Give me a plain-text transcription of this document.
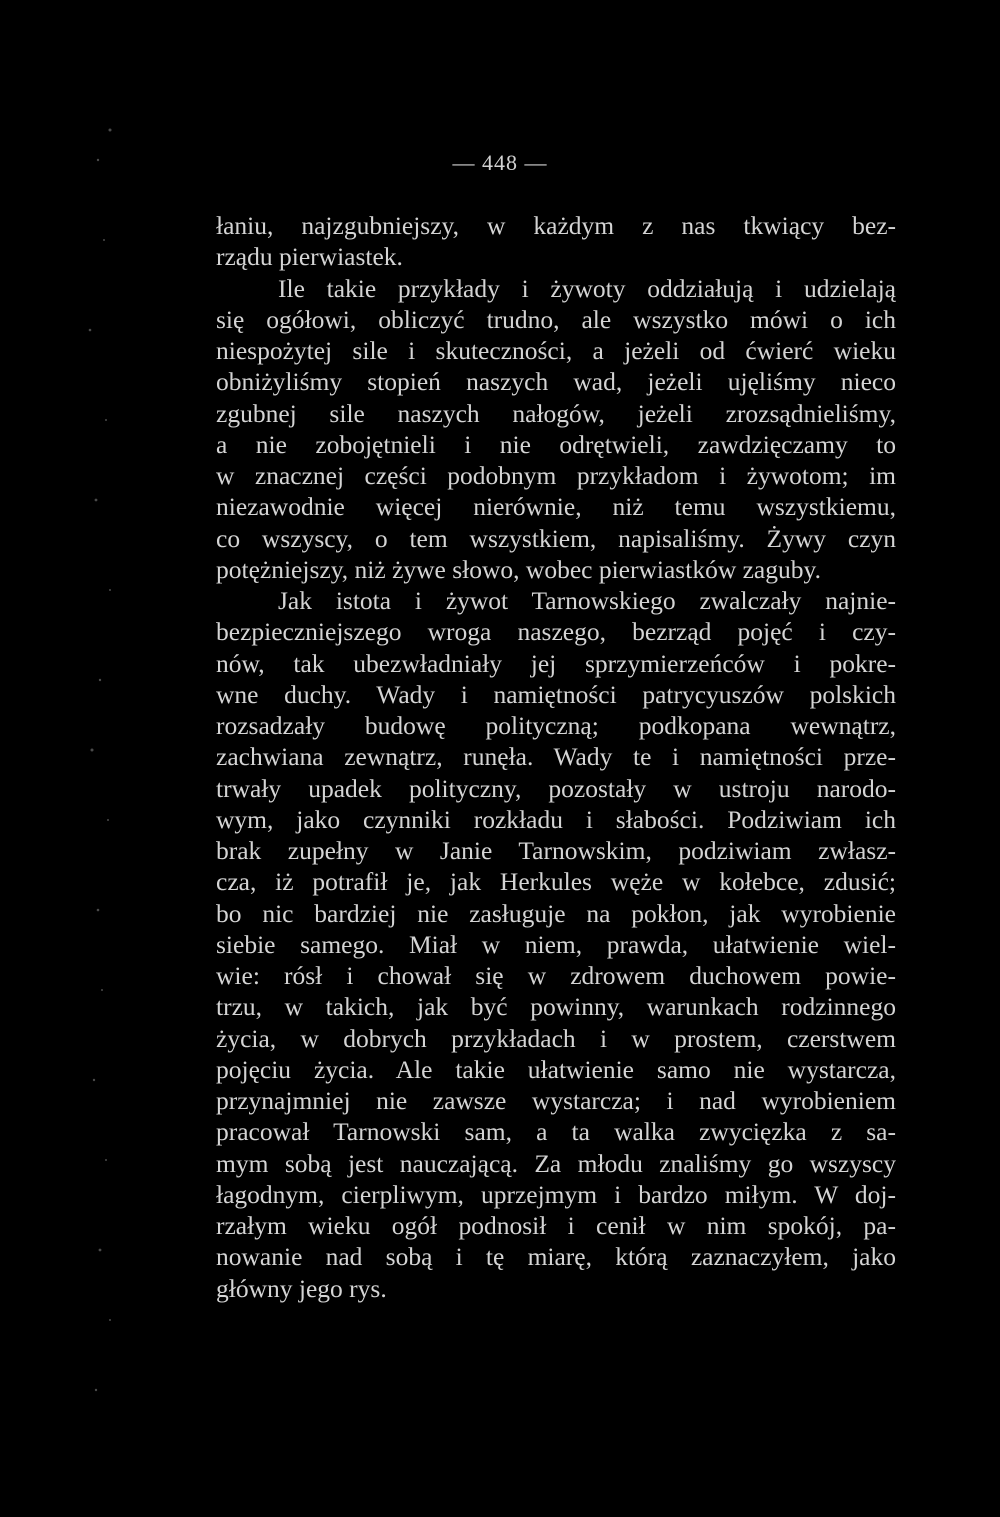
— 448 —
łaniu, najzgubniejszy, w każdym z nas tkwiący bez-
rządu pierwiastek.
Ile takie przykłady i żywoty oddziałują i udzielają
się ogółowi, obliczyć trudno, ale wszystko mówi o ich
niespożytej sile i skuteczności, a jeżeli od ćwierć wieku
obniżyliśmy stopień naszych wad, jeżeli ujęliśmy nieco
zgubnej sile naszych nałogów, jeżeli zrozsądnieliśmy,
a nie zobojętnieli i nie odrętwieli, zawdzięczamy to
w znacznej części podobnym przykładom i żywotom; im
niezawodnie więcej nierównie, niż temu wszystkiemu,
co wszyscy, o tem wszystkiem, napisaliśmy. Żywy czyn
potężniejszy, niż żywe słowo, wobec pierwiastków zaguby.
Jak istota i żywot Tarnowskiego zwalczały najnie-
bezpieczniejszego wroga naszego, bezrząd pojęć i czy-
nów, tak ubezwładniały jej sprzymierzeńców i pokre-
wne duchy. Wady i namiętności patrycyuszów polskich
rozsadzały budowę polityczną; podkopana wewnątrz,
zachwiana zewnątrz, runęła. Wady te i namiętności prze-
trwały upadek polityczny, pozostały w ustroju narodo-
wym, jako czynniki rozkładu i słabości. Podziwiam ich
brak zupełny w Janie Tarnowskim, podziwiam zwłasz-
cza, iż potrafił je, jak Herkules węże w kołebce, zdusić;
bo nic bardziej nie zasługuje na pokłon, jak wyrobienie
siebie samego. Miał w niem, prawda, ułatwienie wiel-
wie: rósł i chował się w zdrowem duchowem powie-
trzu, w takich, jak być powinny, warunkach rodzinnego
życia, w dobrych przykładach i w prostem, czerstwem
pojęciu życia. Ale takie ułatwienie samo nie wystarcza,
przynajmniej nie zawsze wystarcza; i nad wyrobieniem
pracował Tarnowski sam, a ta walka zwycięzka z sa-
mym sobą jest nauczającą. Za młodu znaliśmy go wszyscy
łagodnym, cierpliwym, uprzejmym i bardzo miłym. W doj-
rzałym wieku ogół podnosił i cenił w nim spokój, pa-
nowanie nad sobą i tę miarę, którą zaznaczyłem, jako
główny jego rys.
